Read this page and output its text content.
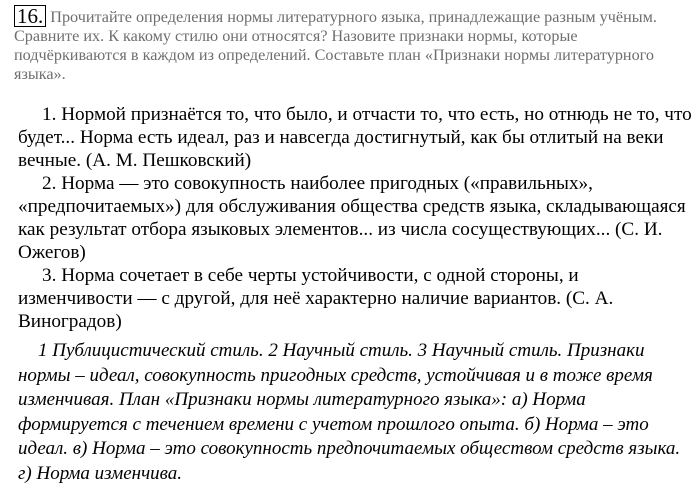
16. Прочитайте определения нормы литературного языка, принадлежащие разным учёным. Сравните их. К какому стилю они относятся? Назовите признаки нормы, которые подчёркиваются в каждом из определений. Составьте план «Признаки нормы литературного языка».

1. Нормой признаётся то, что было, и отчасти то, что есть, но отнюдь не то, что будет... Норма есть идеал, раз и навсегда достигнутый, как бы отлитый на веки вечные. (А. М. Пешковский)

2. Норма — это совокупность наиболее пригодных («правильных», «предпочитаемых») для обслуживания общества средств языка, складывающаяся как результат отбора языковых элементов... из числа сосуществующих... (С. И. Ожегов)

3. Норма сочетает в себе черты устойчивости, с одной стороны, и изменчивости — с другой, для неё характерно наличие вариантов. (С. А. Виноградов)

1 Публицистический стиль. 2 Научный стиль. 3 Научный стиль. Признаки нормы – идеал, совокупность пригодных средств, устойчивая и в тоже время изменчивая. План «Признаки нормы литературного языка»: а) Норма формируется с течением времени с учетом прошлого опыта. б) Норма – это идеал. в) Норма – это совокупность предпочитаемых обществом средств языка. г) Норма изменчива.
